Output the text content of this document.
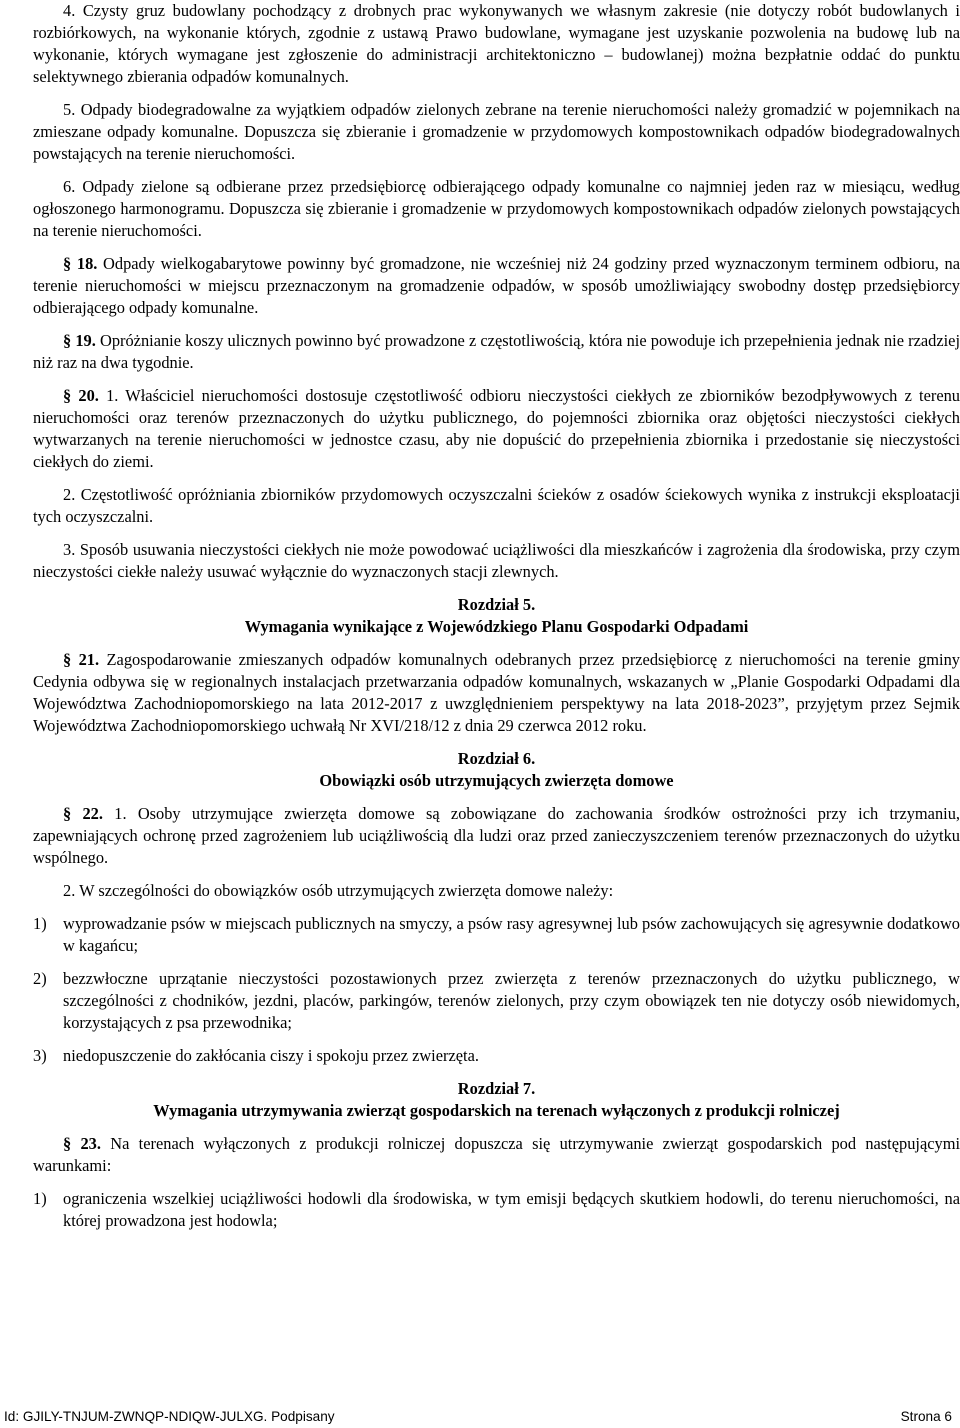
4. Czysty gruz budowlany pochodzący z drobnych prac wykonywanych we własnym zakresie (nie dotyczy robót budowlanych i rozbiórkowych, na wykonanie których, zgodnie z ustawą Prawo budowlane, wymagane jest uzyskanie pozwolenia na budowę lub na wykonanie, których wymagane jest zgłoszenie do administracji architektoniczno – budowlanej) można bezpłatnie oddać do punktu selektywnego zbierania odpadów komunalnych.

5. Odpady biodegradowalne za wyjątkiem odpadów zielonych zebrane na terenie nieruchomości należy gromadzić w pojemnikach na zmieszane odpady komunalne. Dopuszcza się zbieranie i gromadzenie w przydomowych kompostownikach odpadów biodegradowalnych powstających na terenie nieruchomości.

6. Odpady zielone są odbierane przez przedsiębiorcę odbierającego odpady komunalne co najmniej jeden raz w miesiącu, według ogłoszonego harmonogramu. Dopuszcza się zbieranie i gromadzenie w przydomowych kompostownikach odpadów zielonych powstających na terenie nieruchomości.

§ 18. Odpady wielkogabarytowe powinny być gromadzone, nie wcześniej niż 24 godziny przed wyznaczonym terminem odbioru, na terenie nieruchomości w miejscu przeznaczonym na gromadzenie odpadów, w sposób umożliwiający swobodny dostęp przedsiębiorcy odbierającego odpady komunalne.

§ 19. Opróżnianie koszy ulicznych powinno być prowadzone z częstotliwością, która nie powoduje ich przepełnienia jednak nie rzadziej niż raz na dwa tygodnie.

§ 20. 1. Właściciel nieruchomości dostosuje częstotliwość odbioru nieczystości ciekłych ze zbiorników bezodpływowych z terenu nieruchomości oraz terenów przeznaczonych do użytku publicznego, do pojemności zbiornika oraz objętości nieczystości ciekłych wytwarzanych na terenie nieruchomości w jednostce czasu, aby nie dopuścić do przepełnienia zbiornika i przedostanie się nieczystości ciekłych do ziemi.

2. Częstotliwość opróżniania zbiorników przydomowych oczyszczalni ścieków z osadów ściekowych wynika z instrukcji eksploatacji tych oczyszczalni.

3. Sposób usuwania nieczystości ciekłych nie może powodować uciążliwości dla mieszkańców i zagrożenia dla środowiska, przy czym nieczystości ciekłe należy usuwać wyłącznie do wyznaczonych stacji zlewnych.

Rozdział 5.

Wymagania wynikające z Wojewódzkiego Planu Gospodarki Odpadami

§ 21. Zagospodarowanie zmieszanych odpadów komunalnych odebranych przez przedsiębiorcę z nieruchomości na terenie gminy Cedynia odbywa się w regionalnych instalacjach przetwarzania odpadów komunalnych, wskazanych w „Planie Gospodarki Odpadami dla Województwa Zachodniopomorskiego na lata 2012-2017 z uwzględnieniem perspektywy na lata 2018-2023”, przyjętym przez Sejmik Województwa Zachodniopomorskiego uchwałą Nr XVI/218/12 z dnia 29 czerwca 2012 roku.

Rozdział 6.

Obowiązki osób utrzymujących zwierzęta domowe

§ 22. 1. Osoby utrzymujące zwierzęta domowe są zobowiązane do zachowania środków ostrożności przy ich trzymaniu, zapewniających ochronę przed zagrożeniem lub uciążliwością dla ludzi oraz przed zanieczyszczeniem terenów przeznaczonych do użytku wspólnego.

2. W szczególności do obowiązków osób utrzymujących zwierzęta domowe należy:

1) wyprowadzanie psów w miejscach publicznych na smyczy, a psów rasy agresywnej lub psów zachowujących się agresywnie dodatkowo w kagańcu;
2) bezzwłoczne uprzątanie nieczystości pozostawionych przez zwierzęta z terenów przeznaczonych do użytku publicznego, w szczególności z chodników, jezdni, placów, parkingów, terenów zielonych, przy czym obowiązek ten nie dotyczy osób niewidomych, korzystających z psa przewodnika;
3) niedopuszczenie do zakłócania ciszy i spokoju przez zwierzęta.

Rozdział 7.

Wymagania utrzymywania zwierząt gospodarskich na terenach wyłączonych z produkcji rolniczej

§ 23. Na terenach wyłączonych z produkcji rolniczej dopuszcza się utrzymywanie zwierząt gospodarskich pod następującymi warunkami:

1) ograniczenia wszelkiej uciążliwości hodowli dla środowiska, w tym emisji będących skutkiem hodowli, do terenu nieruchomości, na której prowadzona jest hodowla;
Id: GJILY-TNJUM-ZWNQP-NDIQW-JULXG. Podpisany	Strona 6
